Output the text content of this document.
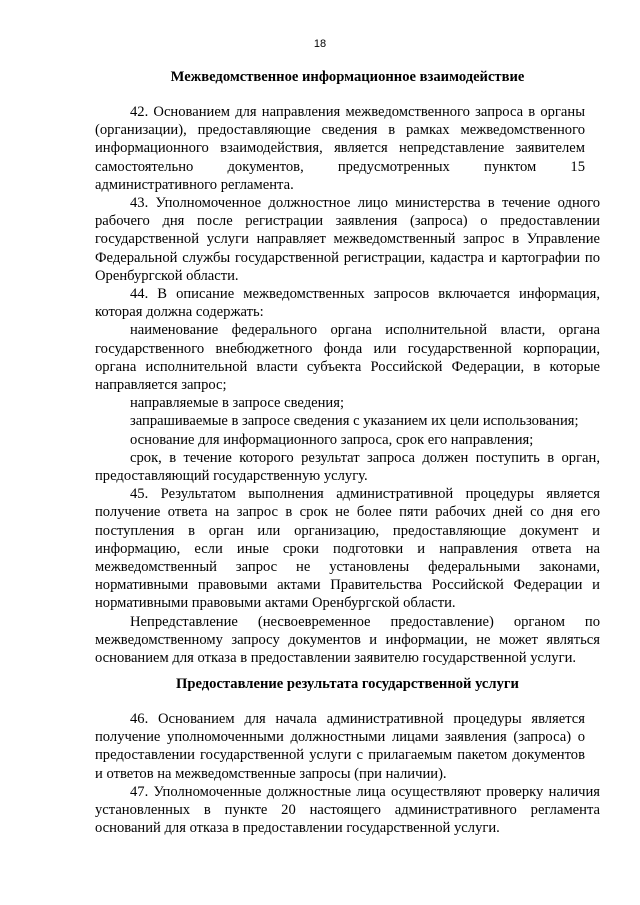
18
Межведомственное информационное взаимодействие

42. Основанием для направления межведомственного запроса в органы (организации), предоставляющие сведения в рамках межведомственного информационного взаимодействия, является непредставление заявителем самостоятельно документов, предусмотренных пунктом 15 административного регламента.

43. Уполномоченное должностное лицо министерства в течение одного рабочего дня после регистрации заявления (запроса) о предоставлении государственной услуги направляет межведомственный запрос в Управление Федеральной службы государственной регистрации, кадастра и картографии по Оренбургской области.

44. В описание межведомственных запросов включается информация, которая должна содержать:

наименование федерального органа исполнительной власти, органа государственного внебюджетного фонда или государственной корпорации, органа исполнительной власти субъекта Российской Федерации, в которые направляется запрос;

направляемые в запросе сведения;

запрашиваемые в запросе сведения с указанием их цели использования;

основание для информационного запроса, срок его направления;

срок, в течение которого результат запроса должен поступить в орган, предоставляющий государственную услугу.

45. Результатом выполнения административной процедуры является получение ответа на запрос в срок не более пяти рабочих дней со дня его поступления в орган или организацию, предоставляющие документ и информацию, если иные сроки подготовки и направления ответа на межведомственный запрос не установлены федеральными законами, нормативными правовыми актами Правительства Российской Федерации и нормативными правовыми актами Оренбургской области.

Непредставление (несвоевременное предоставление) органом по межведомственному запросу документов и информации, не может являться основанием для отказа в предоставлении заявителю государственной услуги.

Предоставление результата государственной услуги

46. Основанием для начала административной процедуры является получение уполномоченными должностными лицами заявления (запроса) о предоставлении государственной услуги с прилагаемым пакетом документов и ответов на межведомственные запросы (при наличии).

47. Уполномоченные должностные лица осуществляют проверку наличия установленных в пункте 20 настоящего административного регламента оснований для отказа в предоставлении государственной услуги.
